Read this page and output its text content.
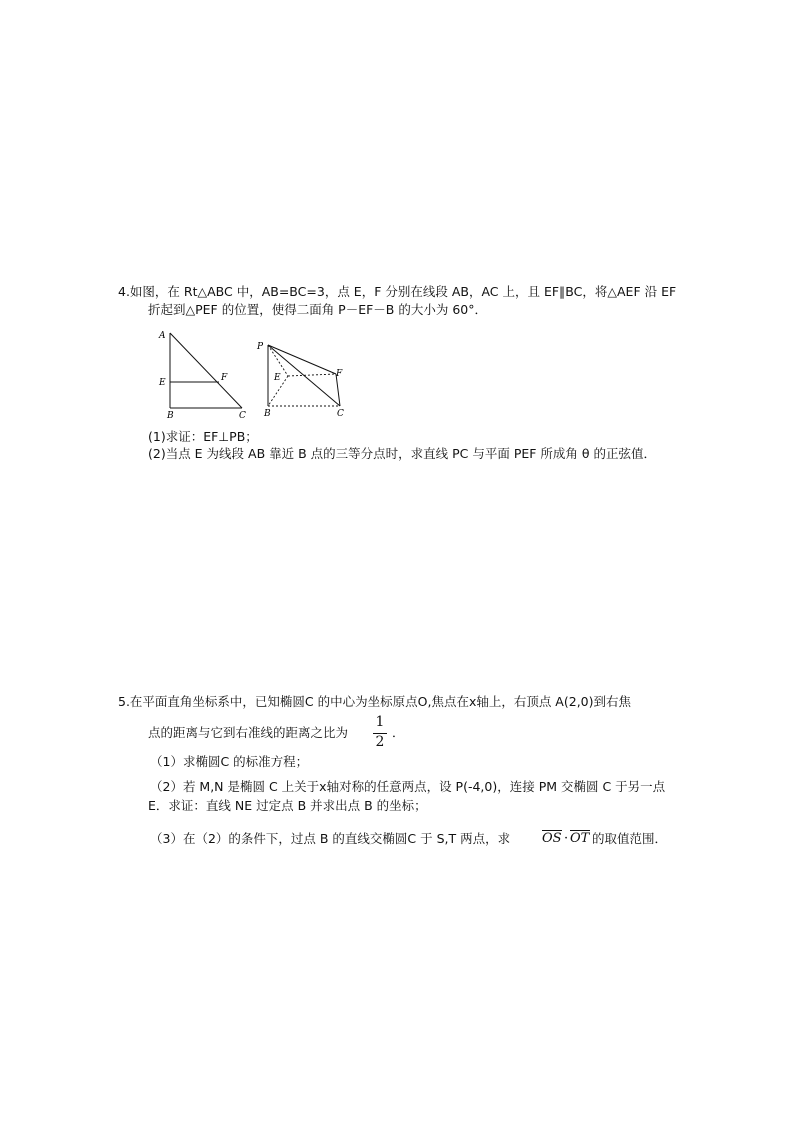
4.如图，在 Rt△ABC 中，AB=BC=3，点 E，F 分别在线段 AB，AC 上，且 EF∥BC，将△AEF 沿 EF
折起到△PEF 的位置，使得二面角 P－EF－B 的大小为 60°．
A
E	F
B	C
P
E	F
B	C
(1)求证：EF⊥PB；
(2)当点 E 为线段 AB 靠近 B 点的三等分点时，求直线 PC 与平面 PEF 所成角 θ 的正弦值．
5.在平面直角坐标系中，已知椭圆C 的中心为坐标原点O,焦点在x轴上，右顶点 A(2,0)到右焦
点的距离与它到右准线的距离之比为
1
2
．
（1）求椭圆C 的标准方程；
（2）若 M,N 是椭圆 C 上关于x轴对称的任意两点，设 P(-4,0)，连接 PM 交椭圆 C 于另一点
E．求证：直线 NE 过定点 B 并求出点 B 的坐标；
（3）在（2）的条件下，过点 B 的直线交椭圆C 于 S,T 两点，求 OS · OT 的取值范围．
